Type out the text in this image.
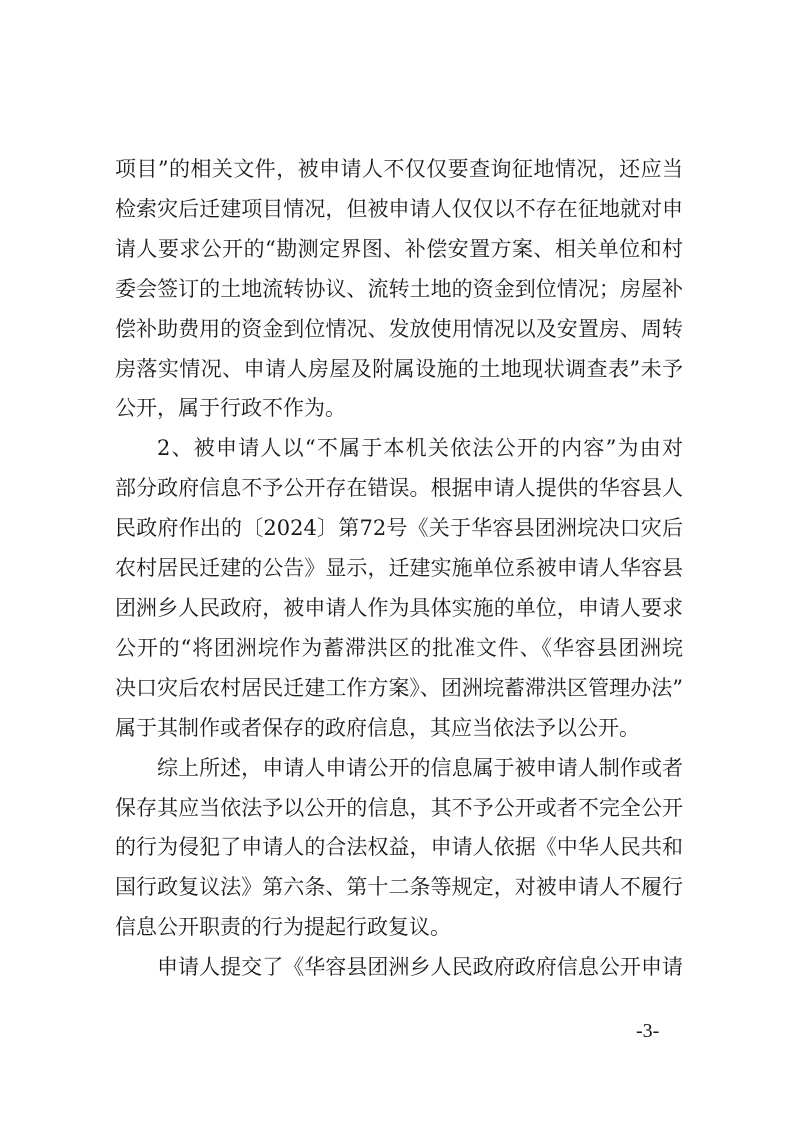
项目”的相关文件，被申请人不仅仅要查询征地情况，还应当
检索灾后迁建项目情况，但被申请人仅仅以不存在征地就对申
请人要求公开的“勘测定界图、补偿安置方案、相关单位和村
委会签订的土地流转协议、流转土地的资金到位情况；房屋补
偿补助费用的资金到位情况、发放使用情况以及安置房、周转
房落实情况、申请人房屋及附属设施的土地现状调查表”未予
公开，属于行政不作为。
2、被申请人以“不属于本机关依法公开的内容”为由对
部分政府信息不予公开存在错误。根据申请人提供的华容县人
民政府作出的〔2024〕第72号《关于华容县团洲垸决口灾后
农村居民迁建的公告》显示，迁建实施单位系被申请人华容县
团洲乡人民政府，被申请人作为具体实施的单位，申请人要求
公开的“将团洲垸作为蓄滞洪区的批准文件、《华容县团洲垸
决口灾后农村居民迁建工作方案》、团洲垸蓄滞洪区管理办法”
属于其制作或者保存的政府信息，其应当依法予以公开。
综上所述，申请人申请公开的信息属于被申请人制作或者
保存其应当依法予以公开的信息，其不予公开或者不完全公开
的行为侵犯了申请人的合法权益，申请人依据《中华人民共和
国行政复议法》第六条、第十二条等规定，对被申请人不履行
信息公开职责的行为提起行政复议。
申请人提交了《华容县团洲乡人民政府政府信息公开申请
-3-
